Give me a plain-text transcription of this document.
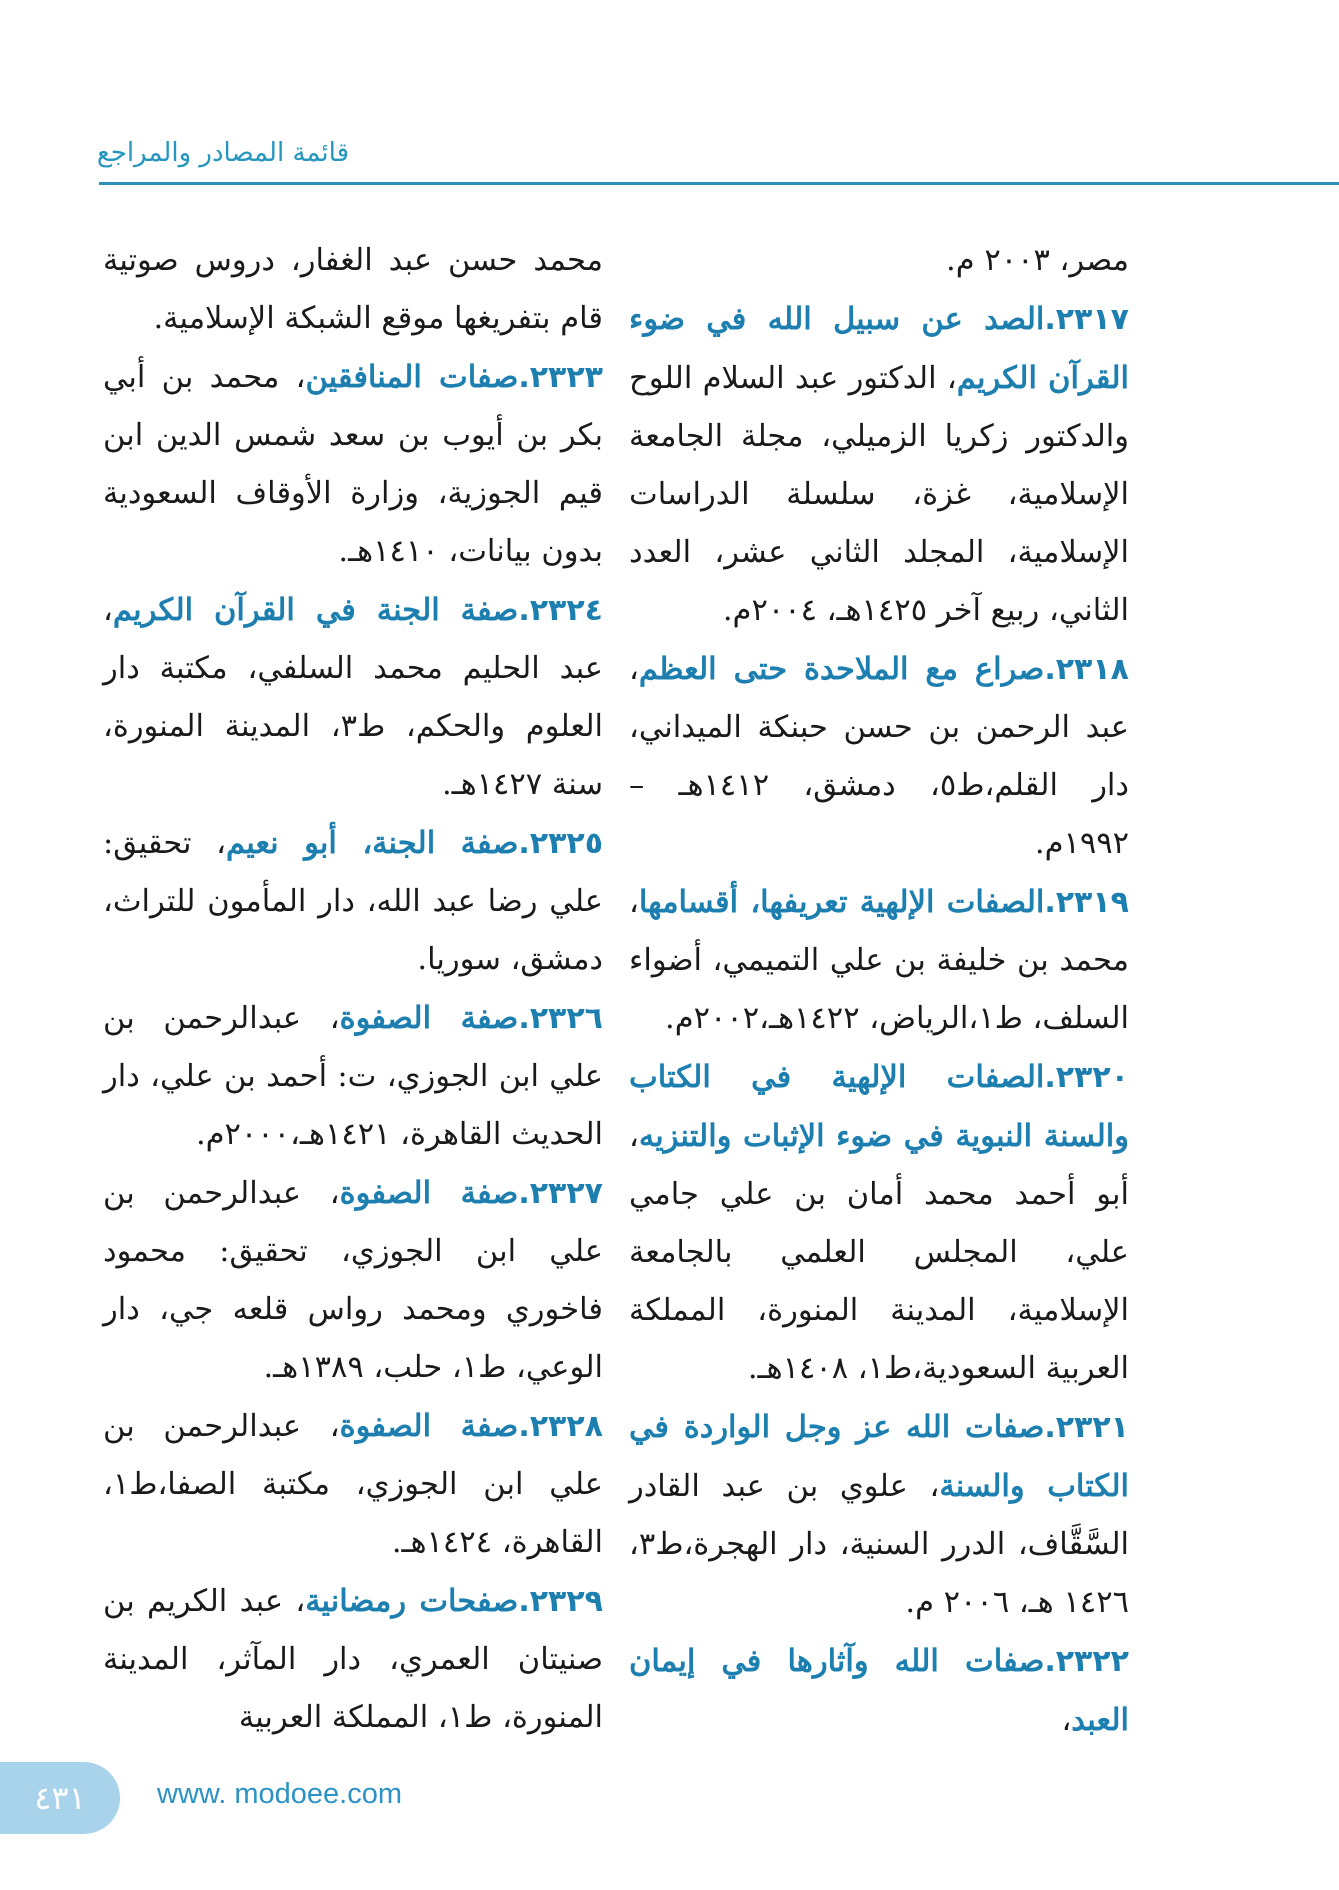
قائمة المصادر والمراجع

مصر، ٢٠٠٣ م.

٢٣١٧.الصد عن سبيل الله في ضوء القرآن الكريم، الدكتور عبد السلام اللوح والدكتور زكريا الزميلي، مجلة الجامعة الإسلامية، غزة، سلسلة الدراسات الإسلامية، المجلد الثاني عشر، العدد الثاني، ربيع آخر ١٤٢٥هـ، ٢٠٠٤م.

٢٣١٨.صراع مع الملاحدة حتى العظم، عبد الرحمن بن حسن حبنكة الميداني، دار القلم،ط٥، دمشق، ١٤١٢هـ – ١٩٩٢م.

٢٣١٩.الصفات الإلهية تعريفها، أقسامها، محمد بن خليفة بن علي التميمي، أضواء السلف، ط١،الرياض، ١٤٢٢هـ،٢٠٠٢م.

٢٣٢٠.الصفات الإلهية في الكتاب والسنة النبوية في ضوء الإثبات والتنزيه، أبو أحمد محمد أمان بن علي جامي علي، المجلس العلمي بالجامعة الإسلامية، المدينة المنورة، المملكة العربية السعودية،ط١، ١٤٠٨هـ.

٢٣٢١.صفات الله عز وجل الواردة في الكتاب والسنة، علوي بن عبد القادر السَّقَّاف، الدرر السنية، دار الهجرة،ط٣، ١٤٢٦ هـ، ٢٠٠٦ م.

٢٣٢٢.صفات الله وآثارها في إيمان العبد،

محمد حسن عبد الغفار، دروس صوتية قام بتفريغها موقع الشبكة الإسلامية.

٢٣٢٣.صفات المنافقين، محمد بن أبي بكر بن أيوب بن سعد شمس الدين ابن قيم الجوزية، وزارة الأوقاف السعودية بدون بيانات، ١٤١٠هـ.

٢٣٢٤.صفة الجنة في القرآن الكريم، عبد الحليم محمد السلفي، مكتبة دار العلوم والحكم، ط٣، المدينة المنورة، سنة ١٤٢٧هـ.

٢٣٢٥.صفة الجنة، أبو نعيم، تحقيق: علي رضا عبد الله، دار المأمون للتراث، دمشق، سوريا.

٢٣٢٦.صفة الصفوة، عبدالرحمن بن علي ابن الجوزي، ت: أحمد بن علي، دار الحديث القاهرة، ١٤٢١هـ،٢٠٠٠م.

٢٣٢٧.صفة الصفوة، عبدالرحمن بن علي ابن الجوزي، تحقيق: محمود فاخوري ومحمد رواس قلعه جي، دار الوعي، ط١، حلب، ١٣٨٩هـ.

٢٣٢٨.صفة الصفوة، عبدالرحمن بن علي ابن الجوزي، مكتبة الصفا،ط١، القاهرة، ١٤٢٤هـ.

٢٣٢٩.صفحات رمضانية، عبد الكريم بن صنيتان العمري، دار المآثر، المدينة المنورة، ط١، المملكة العربية

٤٣١ www. modoee.com
